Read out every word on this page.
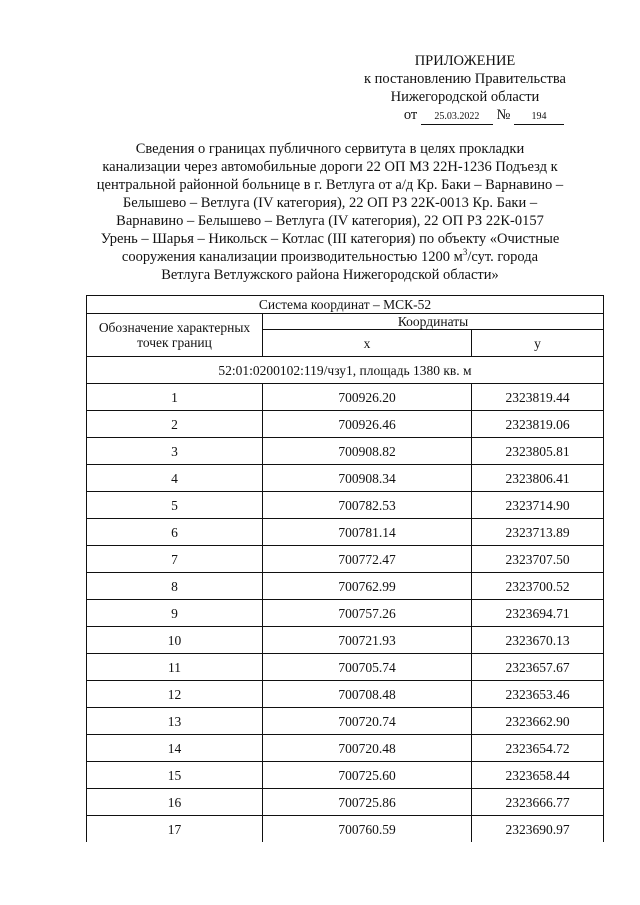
ПРИЛОЖЕНИЕ
к постановлению Правительства
Нижегородской области
от 25.03.2022 № 194
Сведения о границах публичного сервитута в целях прокладки
канализации через автомобильные дороги 22 ОП МЗ 22Н-1236 Подъезд к
центральной районной больнице в г. Ветлуга от а/д Кр. Баки – Варнавино –
Белышево – Ветлуга (IV категория), 22 ОП РЗ 22К-0013 Кр. Баки –
Варнавино – Белышево – Ветлуга (IV категория), 22 ОП РЗ 22К-0157
Урень – Шарья – Никольск – Котлас (III категория) по объекту «Очистные
сооружения канализации производительностью 1200 $м^3$/сут. города
Ветлуга Ветлужского района Нижегородской области»
Система координат – МСК-52		
Обозначение характерных точек границ	Координаты	
	x	y
52:01:0200102:119/чзу1, площадь 1380 кв. м		
1	700926.20	2323819.44
2	700926.46	2323819.06
3	700908.82	2323805.81
4	700908.34	2323806.41
5	700782.53	2323714.90
6	700781.14	2323713.89
7	700772.47	2323707.50
8	700762.99	2323700.52
9	700757.26	2323694.71
10	700721.93	2323670.13
11	700705.74	2323657.67
12	700708.48	2323653.46
13	700720.74	2323662.90
14	700720.48	2323654.72
15	700725.60	2323658.44
16	700725.86	2323666.77
17	700760.59	2323690.97
